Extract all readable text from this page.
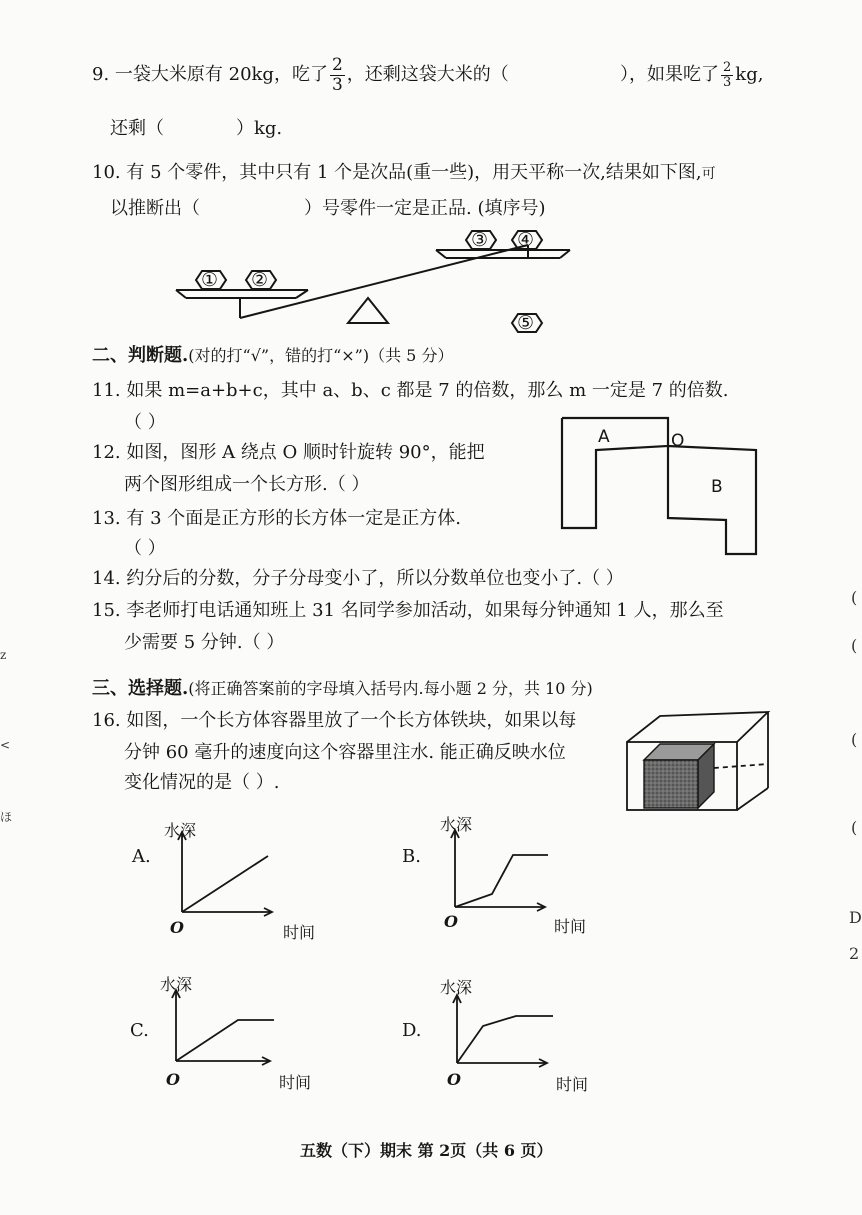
9. 一袋大米原有 20kg，吃了 $\frac{2}{3}$ ，还剩这袋大米的（	），如果吃了 $\frac{2}{3}$ kg,
还剩（	）kg.
10. 有 5 个零件，其中只有 1 个是次品(重一些)，用天平称一次,结果如下图,可
以推断出（	）号零件一定是正品. (填序号)
① ②
③ ④
⑤
二、判断题.(对的打“√”，错的打“×”)（共 5 分）
11. 如果 m=a+b+c，其中 a、b、c 都是 7 的倍数，那么 m 一定是 7 的倍数.
（ ）
12. 如图，图形 A 绕点 O 顺时针旋转 90°，能把
两个图形组成一个长方形.（ ）
A	O
B
13. 有 3 个面是正方形的长方体一定是正方体.
（ ）
14. 约分后的分数，分子分母变小了，所以分数单位也变小了.（ ）
15. 李老师打电话通知班上 31 名同学参加活动，如果每分钟通知 1 人，那么至
少需要 5 分钟.（ ）
三、选择题.(将正确答案前的字母填入括号内.每小题 2 分，共 10 分)
16. 如图，一个长方体容器里放了一个长方体铁块，如果以每
分钟 60 毫升的速度向这个容器里注水. 能正确反映水位
变化情况的是（ ）.
水深
A.
O	时间
水深
B.
O	时间
水深
C.
O	时间
水深
D.
O	时间
五数（下）期末 第 2页（共 6 页）
(
(
(
(
D
2
z
<
ほ
